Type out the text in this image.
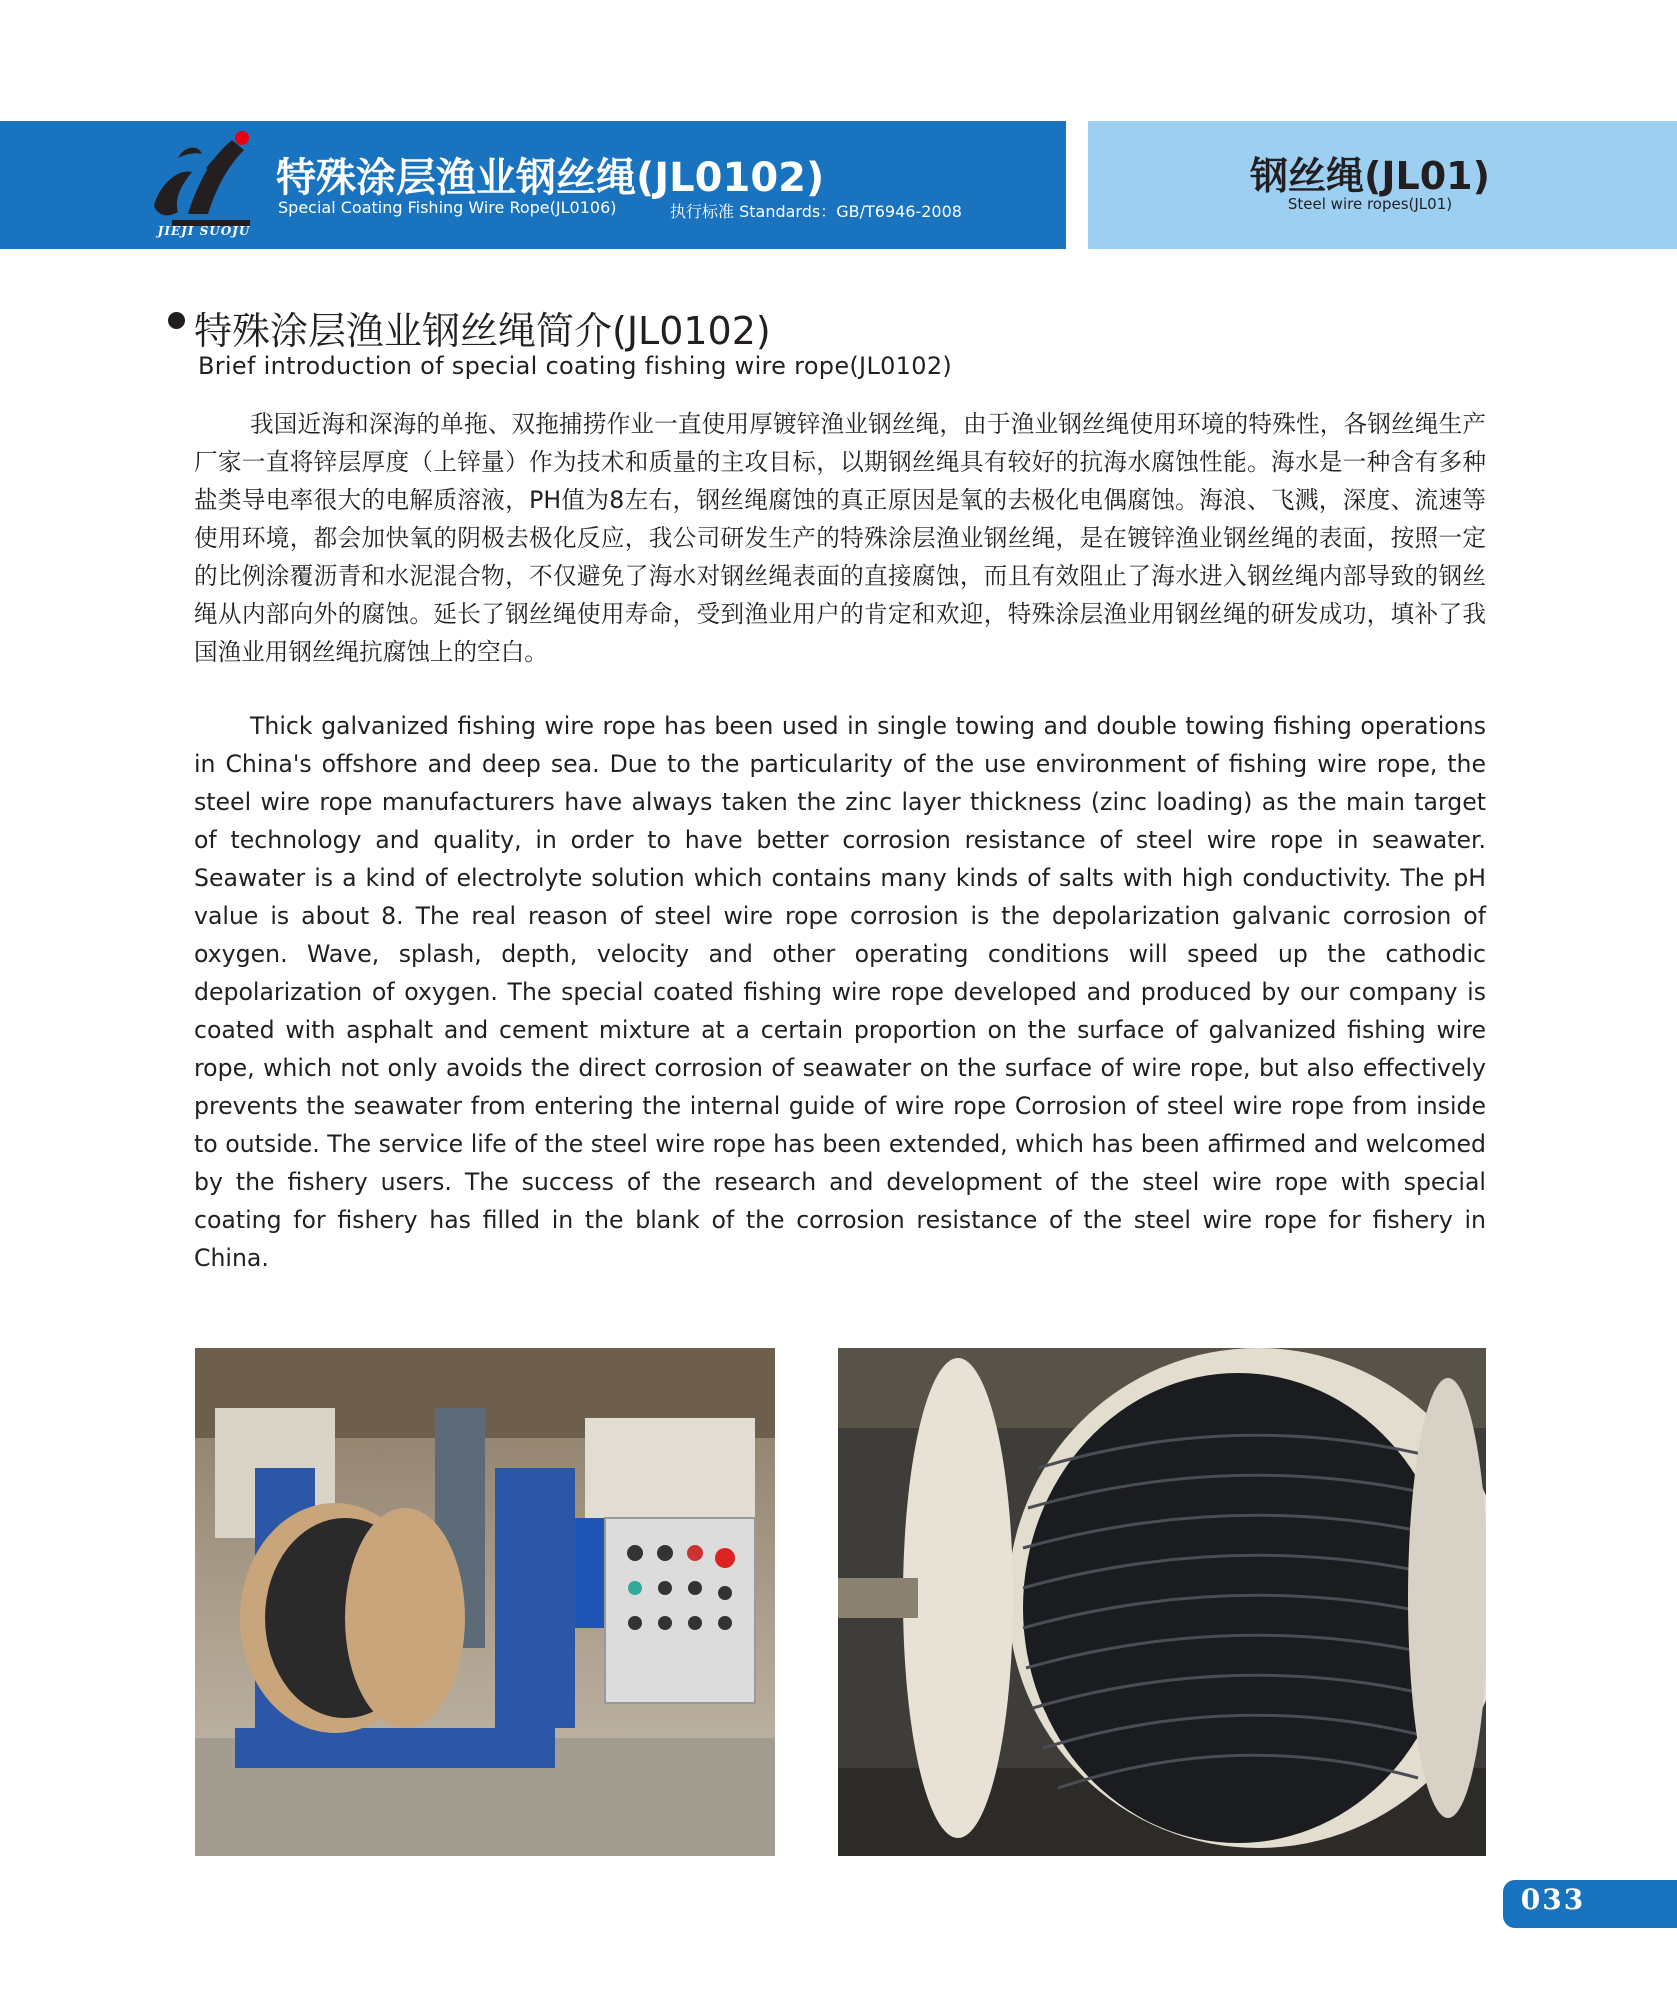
JIEJI SUOJU
特殊涂层渔业钢丝绳(JL0102)
Special Coating Fishing Wire Rope(JL0106)	执行标准 Standards：GB/T6946-2008
钢丝绳(JL01)
Steel wire ropes(JL01)
特殊涂层渔业钢丝绳简介(JL0102)
Brief introduction of special coating fishing wire rope(JL0102)
我国近海和深海的单拖、双拖捕捞作业一直使用厚镀锌渔业钢丝绳，由于渔业钢丝绳使用环境的特殊性，各钢丝绳生产厂家一直将锌层厚度（上锌量）作为技术和质量的主攻目标，以期钢丝绳具有较好的抗海水腐蚀性能。海水是一种含有多种盐类导电率很大的电解质溶液，PH值为8左右，钢丝绳腐蚀的真正原因是氧的去极化电偶腐蚀。海浪、飞溅，深度、流速等使用环境，都会加快氧的阴极去极化反应，我公司研发生产的特殊涂层渔业钢丝绳，是在镀锌渔业钢丝绳的表面，按照一定的比例涂覆沥青和水泥混合物，不仅避免了海水对钢丝绳表面的直接腐蚀，而且有效阻止了海水进入钢丝绳内部导致的钢丝绳从内部向外的腐蚀。延长了钢丝绳使用寿命，受到渔业用户的肯定和欢迎，特殊涂层渔业用钢丝绳的研发成功，填补了我国渔业用钢丝绳抗腐蚀上的空白。
Thick galvanized fishing wire rope has been used in single towing and double towing fishing operations in China's offshore and deep sea. Due to the particularity of the use environment of fishing wire rope, the steel wire rope manufacturers have always taken the zinc layer thickness (zinc loading) as the main target of technology and quality, in order to have better corrosion resistance of steel wire rope in seawater. Seawater is a kind of electrolyte solution which contains many kinds of salts with high conductivity. The pH value is about 8. The real reason of steel wire rope corrosion is the depolarization galvanic corrosion of oxygen. Wave, splash, depth, velocity and other operating conditions will speed up the cathodic depolarization of oxygen. The special coated fishing wire rope developed and produced by our company is coated with asphalt and cement mixture at a certain proportion on the surface of galvanized fishing wire rope, which not only avoids the direct corrosion of seawater on the surface of wire rope, but also effectively prevents the seawater from entering the internal guide of wire rope Corrosion of steel wire rope from inside to outside. The service life of the steel wire rope has been extended, which has been affirmed and welcomed by the fishery users. The success of the research and development of the steel wire rope with special coating for fishery has filled in the blank of the corrosion resistance of the steel wire rope for fishery in China.
033
